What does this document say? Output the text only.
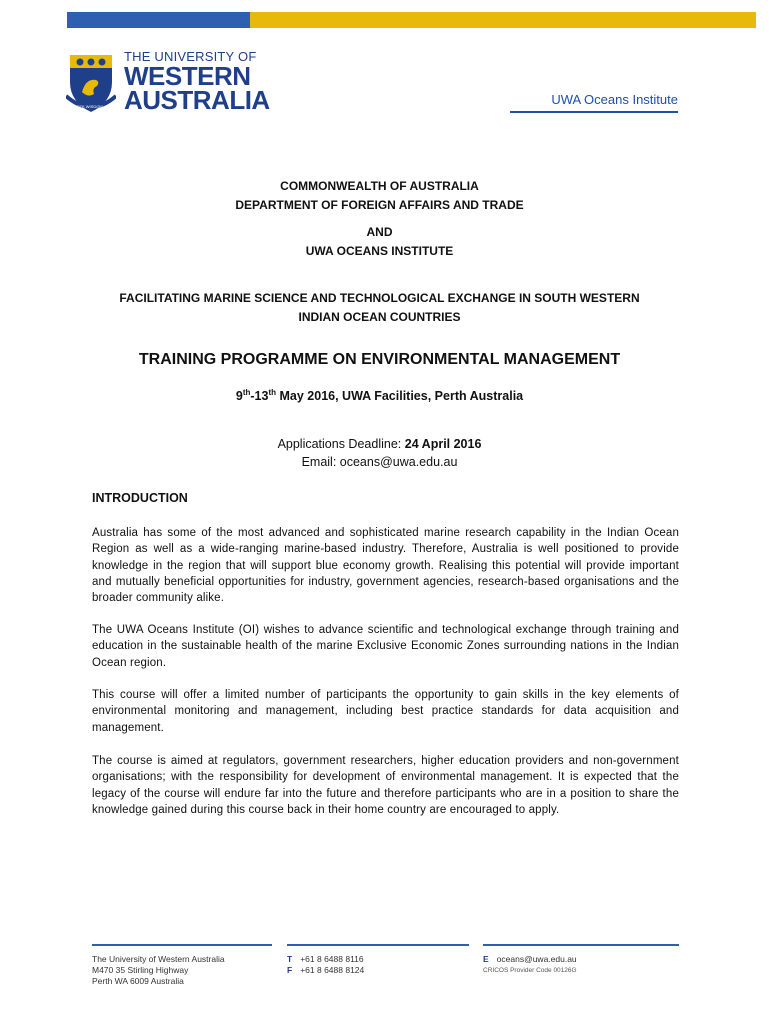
SEEK WISDOM
THE UNIVERSITY OF
WESTERN
AUSTRALIA	UWA Oceans Institute
COMMONWEALTH OF AUSTRALIA
DEPARTMENT OF FOREIGN AFFAIRS AND TRADE
AND
UWA OCEANS INSTITUTE
FACILITATING MARINE SCIENCE AND TECHNOLOGICAL EXCHANGE IN SOUTH WESTERN
INDIAN OCEAN COUNTRIES
TRAINING PROGRAMME ON ENVIRONMENTAL MANAGEMENT
9th-13th May 2016, UWA Facilities, Perth Australia
Applications Deadline: 24 April 2016
Email: oceans@uwa.edu.au
INTRODUCTION
Australia has some of the most advanced and sophisticated marine research capability in the Indian Ocean Region as well as a wide-ranging marine-based industry. Therefore, Australia is well positioned to provide knowledge in the region that will support blue economy growth. Realising this potential will provide important and mutually beneficial opportunities for industry, government agencies, research-based organisations and the broader community alike.
The UWA Oceans Institute (OI) wishes to advance scientific and technological exchange through training and education in the sustainable health of the marine Exclusive Economic Zones surrounding nations in the Indian Ocean region.
This course will offer a limited number of participants the opportunity to gain skills in the key elements of environmental monitoring and management, including best practice standards for data acquisition and management.
The course is aimed at regulators, government researchers, higher education providers and non-government organisations; with the responsibility for development of environmental management. It is expected that the legacy of the course will endure far into the future and therefore participants who are in a position to share the knowledge gained during this course back in their home country are encouraged to apply.
The University of Western Australia
M470 35 Stirling Highway
Perth WA 6009 Australia
T +61 8 6488 8116
F +61 8 6488 8124
E oceans@uwa.edu.au
CRICOS Provider Code 00126G
